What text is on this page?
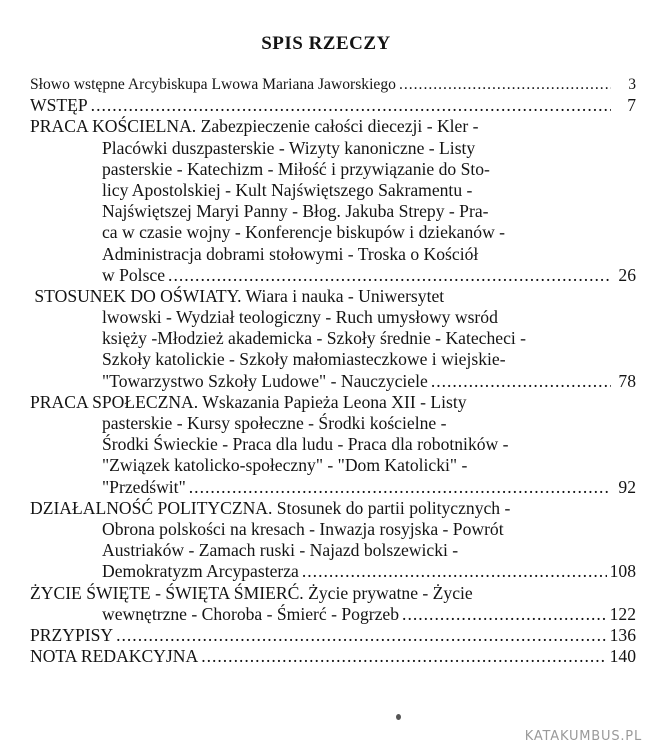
SPIS RZECZY
Słowo wstępne Arcybiskupa Lwowa Mariana Jaworskiego .....	3
WSTĘP .....	7
PRACA KOŚCIELNA. Zabezpieczenie całości diecezji - Kler -
Placówki duszpasterskie - Wizyty kanoniczne - Listy
pasterskie - Katechizm - Miłość i przywiązanie do Sto-
licy Apostolskiej - Kult Najświętszego Sakramentu -
Najświętszej Maryi Panny - Błog. Jakuba Strepy - Pra-
ca w czasie wojny - Konferencje biskupów i dziekanów -
Administracja dobrami stołowymi - Troska o Kościół
w Polsce .....	26
STOSUNEK DO OŚWIATY. Wiara i nauka - Uniwersytet
lwowski - Wydział teologiczny - Ruch umysłowy wsród
księży -Młodzież akademicka - Szkoły średnie - Katecheci -
Szkoły katolickie - Szkoły małomiasteczkowe i wiejskie-
"Towarzystwo Szkoły Ludowe" - Nauczyciele .....	78
PRACA SPOŁECZNA. Wskazania Papieża Leona XII - Listy
pasterskie - Kursy społeczne - Środki kościelne -
Środki Świeckie - Praca dla ludu - Praca dla robotników -
"Związek katolicko-społeczny" - "Dom Katolicki" -
"Przedświt" .....	92
DZIAŁALNOŚĆ POLITYCZNA. Stosunek do partii politycznych -
Obrona polskości na kresach - Inwazja rosyjska - Powrót
Austriaków - Zamach ruski - Najazd bolszewicki -
Demokratyzm Arcypasterza .....	108
ŻYCIE ŚWIĘTE - ŚWIĘTA ŚMIERĆ. Życie prywatne - Życie
wewnętrzne - Choroba - Śmierć - Pogrzeb .....	122
PRZYPISY .....	136
NOTA REDAKCYJNA .....	140
KATAKUMBUS.PL
